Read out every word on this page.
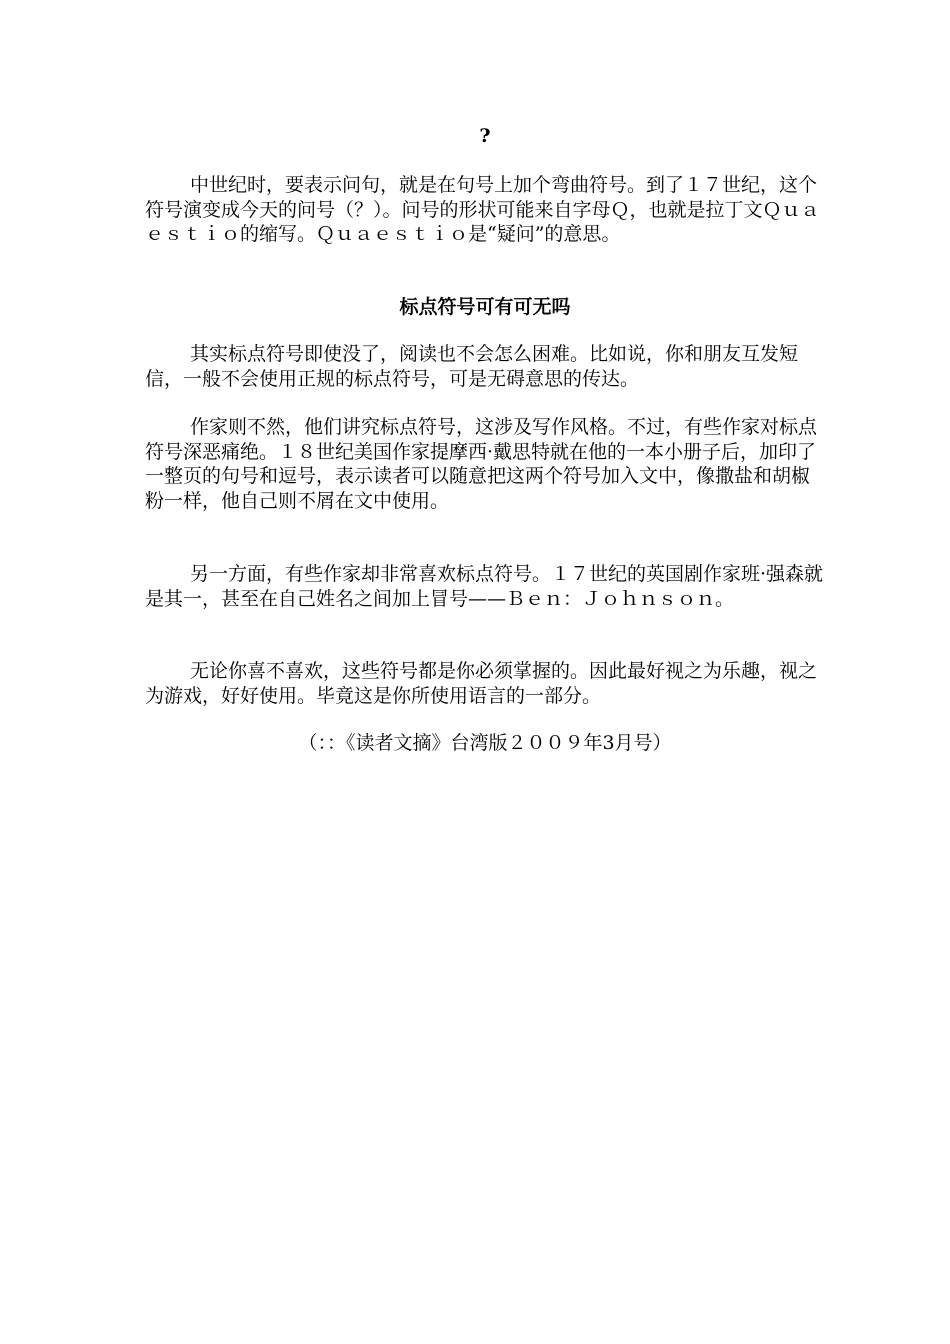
?

中世纪时，要表示问句，就是在句号上加个弯曲符号。到了１７世纪，这个符号演变成今天的问号（？）。问号的形状可能来自字母Ｑ，也就是拉丁文Ｑｕａｅｓｔｉｏ的缩写。Ｑｕａｅｓｔｉｏ是“疑问”的意思。

标点符号可有可无吗

其实标点符号即使没了，阅读也不会怎么困难。比如说，你和朋友互发短信，一般不会使用正规的标点符号，可是无碍意思的传达。

作家则不然，他们讲究标点符号，这涉及写作风格。不过，有些作家对标点符号深恶痛绝。１８世纪美国作家提摩西·戴思特就在他的一本小册子后，加印了一整页的句号和逗号，表示读者可以随意把这两个符号加入文中，像撒盐和胡椒粉一样，他自己则不屑在文中使用。

另一方面，有些作家却非常喜欢标点符号。１７世纪的英国剧作家班·强森就是其一，甚至在自己姓名之间加上冒号——Ｂｅｎ：Ｊｏｈｎｓｏｎ。

无论你喜不喜欢，这些符号都是你必须掌握的。因此最好视之为乐趣，视之为游戏，好好使用。毕竟这是你所使用语言的一部分。

（：：《读者文摘》台湾版２００９年3月号）
